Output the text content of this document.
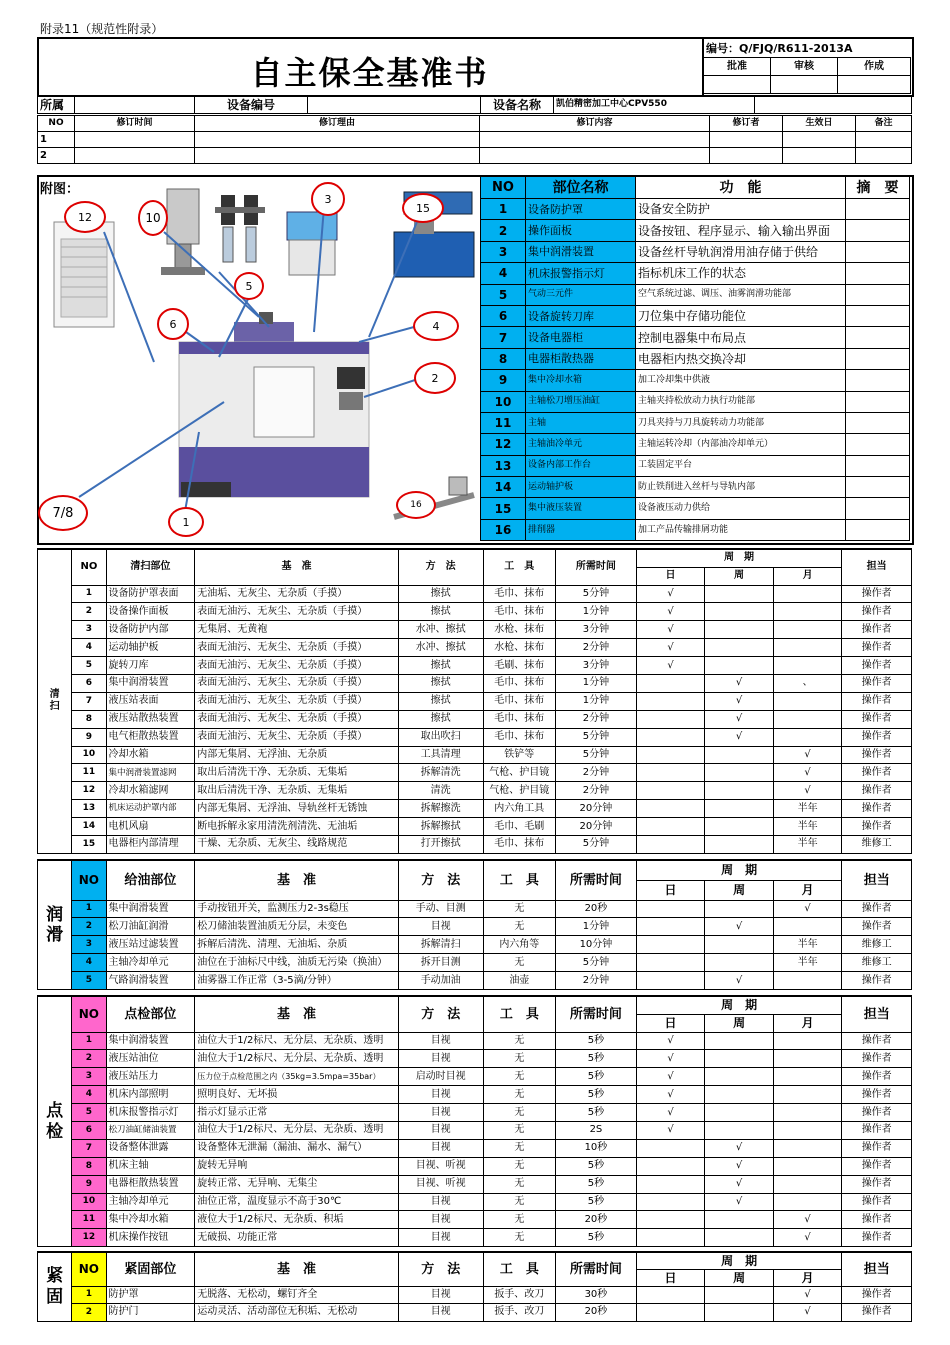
附录11（规范性附录）
自主保全基准书
编号：Q/FJQ/R611-2013A
批准	审核	作成

所属		设备编号		设备名称	凯伯精密加工中心CPV550	
NO	修订时间	修订理由	修订内容	修订者	生效日	备注
1						
2						
附图：
12	10
3
15
5
6	4
2
7/8
1
16
NO	部位名称	功　能	摘　要
1	设备防护罩	设备安全防护	
2	操作面板	设备按钮、程序显示、输入输出界面	
3	集中润滑装置	设备丝杆导轨润滑用油存储于供给	
4	机床报警指示灯	指标机床工作的状态	
5	气动三元件	空气系统过滤、调压、油雾润滑功能部	
6	设备旋转刀库	刀位集中存储功能位	
7	设备电器柜	控制电器集中布局点	
8	电器柜散热器	电器柜内热交换冷却	
9	集中冷却水箱	加工冷却集中供液	
10	主轴松刀增压油缸	主轴夹持松放动力执行功能部	
11	主轴	刀具夹持与刀具旋转动力功能部	
12	主轴油冷单元	主轴运转冷却（内部油冷却单元）	
13	设备内部工作台	工装固定平台	
14	运动轴护板	防止铁削进入丝杆与导轨内部	
15	集中液压装置	设备液压动力供给	
16	排削器	加工产品传输排屑功能	
清扫	NO	清扫部位	基　准	方　法	工　具	所需时间	周　期			担当
							日	周	月	
	1	设备防护罩表面	无油垢、无灰尘、无杂质（手摸）	擦拭	毛巾、抹布	5分钟	√			操作者
	2	设备操作面板	表面无油污、无灰尘、无杂质（手摸）	擦拭	毛巾、抹布	1分钟	√			操作者
	3	设备防护内部	无集屑、无黄袍	水冲、擦拭	水枪、抹布	3分钟	√			操作者
	4	运动轴护板	表面无油污、无灰尘、无杂质（手摸）	水冲、擦拭	水枪、抹布	2分钟	√			操作者
	5	旋转刀库	表面无油污、无灰尘、无杂质（手摸）	擦拭	毛刷、抹布	3分钟	√			操作者
	6	集中润滑装置	表面无油污、无灰尘、无杂质（手摸）	擦拭	毛巾、抹布	1分钟		√	、	操作者
	7	液压站表面	表面无油污、无灰尘、无杂质（手摸）	擦拭	毛巾、抹布	1分钟		√		操作者
	8	液压站散热装置	表面无油污、无灰尘、无杂质（手摸）	擦拭	毛巾、抹布	2分钟		√		操作者
	9	电气柜散热装置	表面无油污、无灰尘、无杂质（手摸）	取出吹扫	毛巾、抹布	5分钟		√		操作者
	10	冷却水箱	内部无集屑、无浮油、无杂质	工具清理	铁铲等	5分钟			√	操作者
	11	集中润滑装置滤网	取出后清洗干净、无杂质、无集垢	拆解清洗	气枪、护目镜	2分钟			√	操作者
	12	冷却水箱滤网	取出后清洗干净、无杂质、无集垢	清洗	气枪、护目镜	2分钟			√	操作者
	13	机床运动护罩内部	内部无集屑、无浮油、导轨丝杆无锈蚀	拆解擦洗	内六角工具	20分钟			半年	操作者
	14	电机风扇	断电拆解永家用清洗剂清洗、无油垢	拆解擦拭	毛巾、毛刷	20分钟			半年	操作者
	15	电器柜内部清理	干燥、无杂质、无灰尘、线路规范	打开擦拭	毛巾、抹布	5分钟			半年	维修工
润滑	NO	给油部位	基　准	方　法	工　具	所需时间	周　期			担当
							日	周	月	
	1	集中润滑装置	手动按钮开关，监测压力2-3s稳压	手动、目测	无	20秒			√	操作者
	2	松刀油缸润滑	松刀储油装置油质无分层，未变色	目视	无	1分钟		√		操作者
	3	液压站过滤装置	拆解后清洗、清理、无油垢、杂质	拆解清扫	内六角等	10分钟			半年	维修工
	4	主轴冷却单元	油位在于油标尺中线，油质无污染（换油）	拆开目测	无	5分钟			半年	维修工
	5	气路润滑装置	油雾器工作正常（3-5滴/分钟）	手动加油	油壶	2分钟		√		操作者
点检	NO	点检部位	基　准	方　法	工　具	所需时间	周　期			担当
							日	周	月	
	1	集中润滑装置	油位大于1/2标尺、无分层、无杂质、透明	目视	无	5秒	√			操作者
	2	液压站油位	油位大于1/2标尺、无分层、无杂质、透明	目视	无	5秒	√			操作者
	3	液压站压力	压力位于点检范围之内（35kg=3.5mpa=35bar）	启动时目视	无	5秒	√			操作者
	4	机床内部照明	照明良好、无坏损	目视	无	5秒	√			操作者
	5	机床报警指示灯	指示灯显示正常	目视	无	5秒	√			操作者
	6	松刀油缸储油装置	油位大于1/2标尺、无分层、无杂质、透明	目视	无	2S	√			操作者
	7	设备整体泄露	设备整体无泄漏（漏油、漏水、漏气）	目视	无	10秒		√		操作者
	8	机床主轴	旋转无异响	目视、听视	无	5秒		√		操作者
	9	电器柜散热装置	旋转正常、无异响、无集尘	目视、听视	无	5秒		√		操作者
	10	主轴冷却单元	油位正常，温度显示不高于30℃	目视	无	5秒		√		操作者
	11	集中冷却水箱	液位大于1/2标尺、无杂质、积垢	目视	无	20秒			√	操作者
	12	机床操作按钮	无破损、功能正常	目视	无	5秒			√	操作者
紧固	NO	紧固部位	基　准	方　法	工　具	所需时间	周　期			担当
							日	周	月	
	1	防护罩	无脱落、无松动，螺钉齐全	目视	扳手、改刀	30秒			√	操作者
	2	防护门	运动灵活、活动部位无积垢、无松动	目视	扳手、改刀	20秒			√	操作者
